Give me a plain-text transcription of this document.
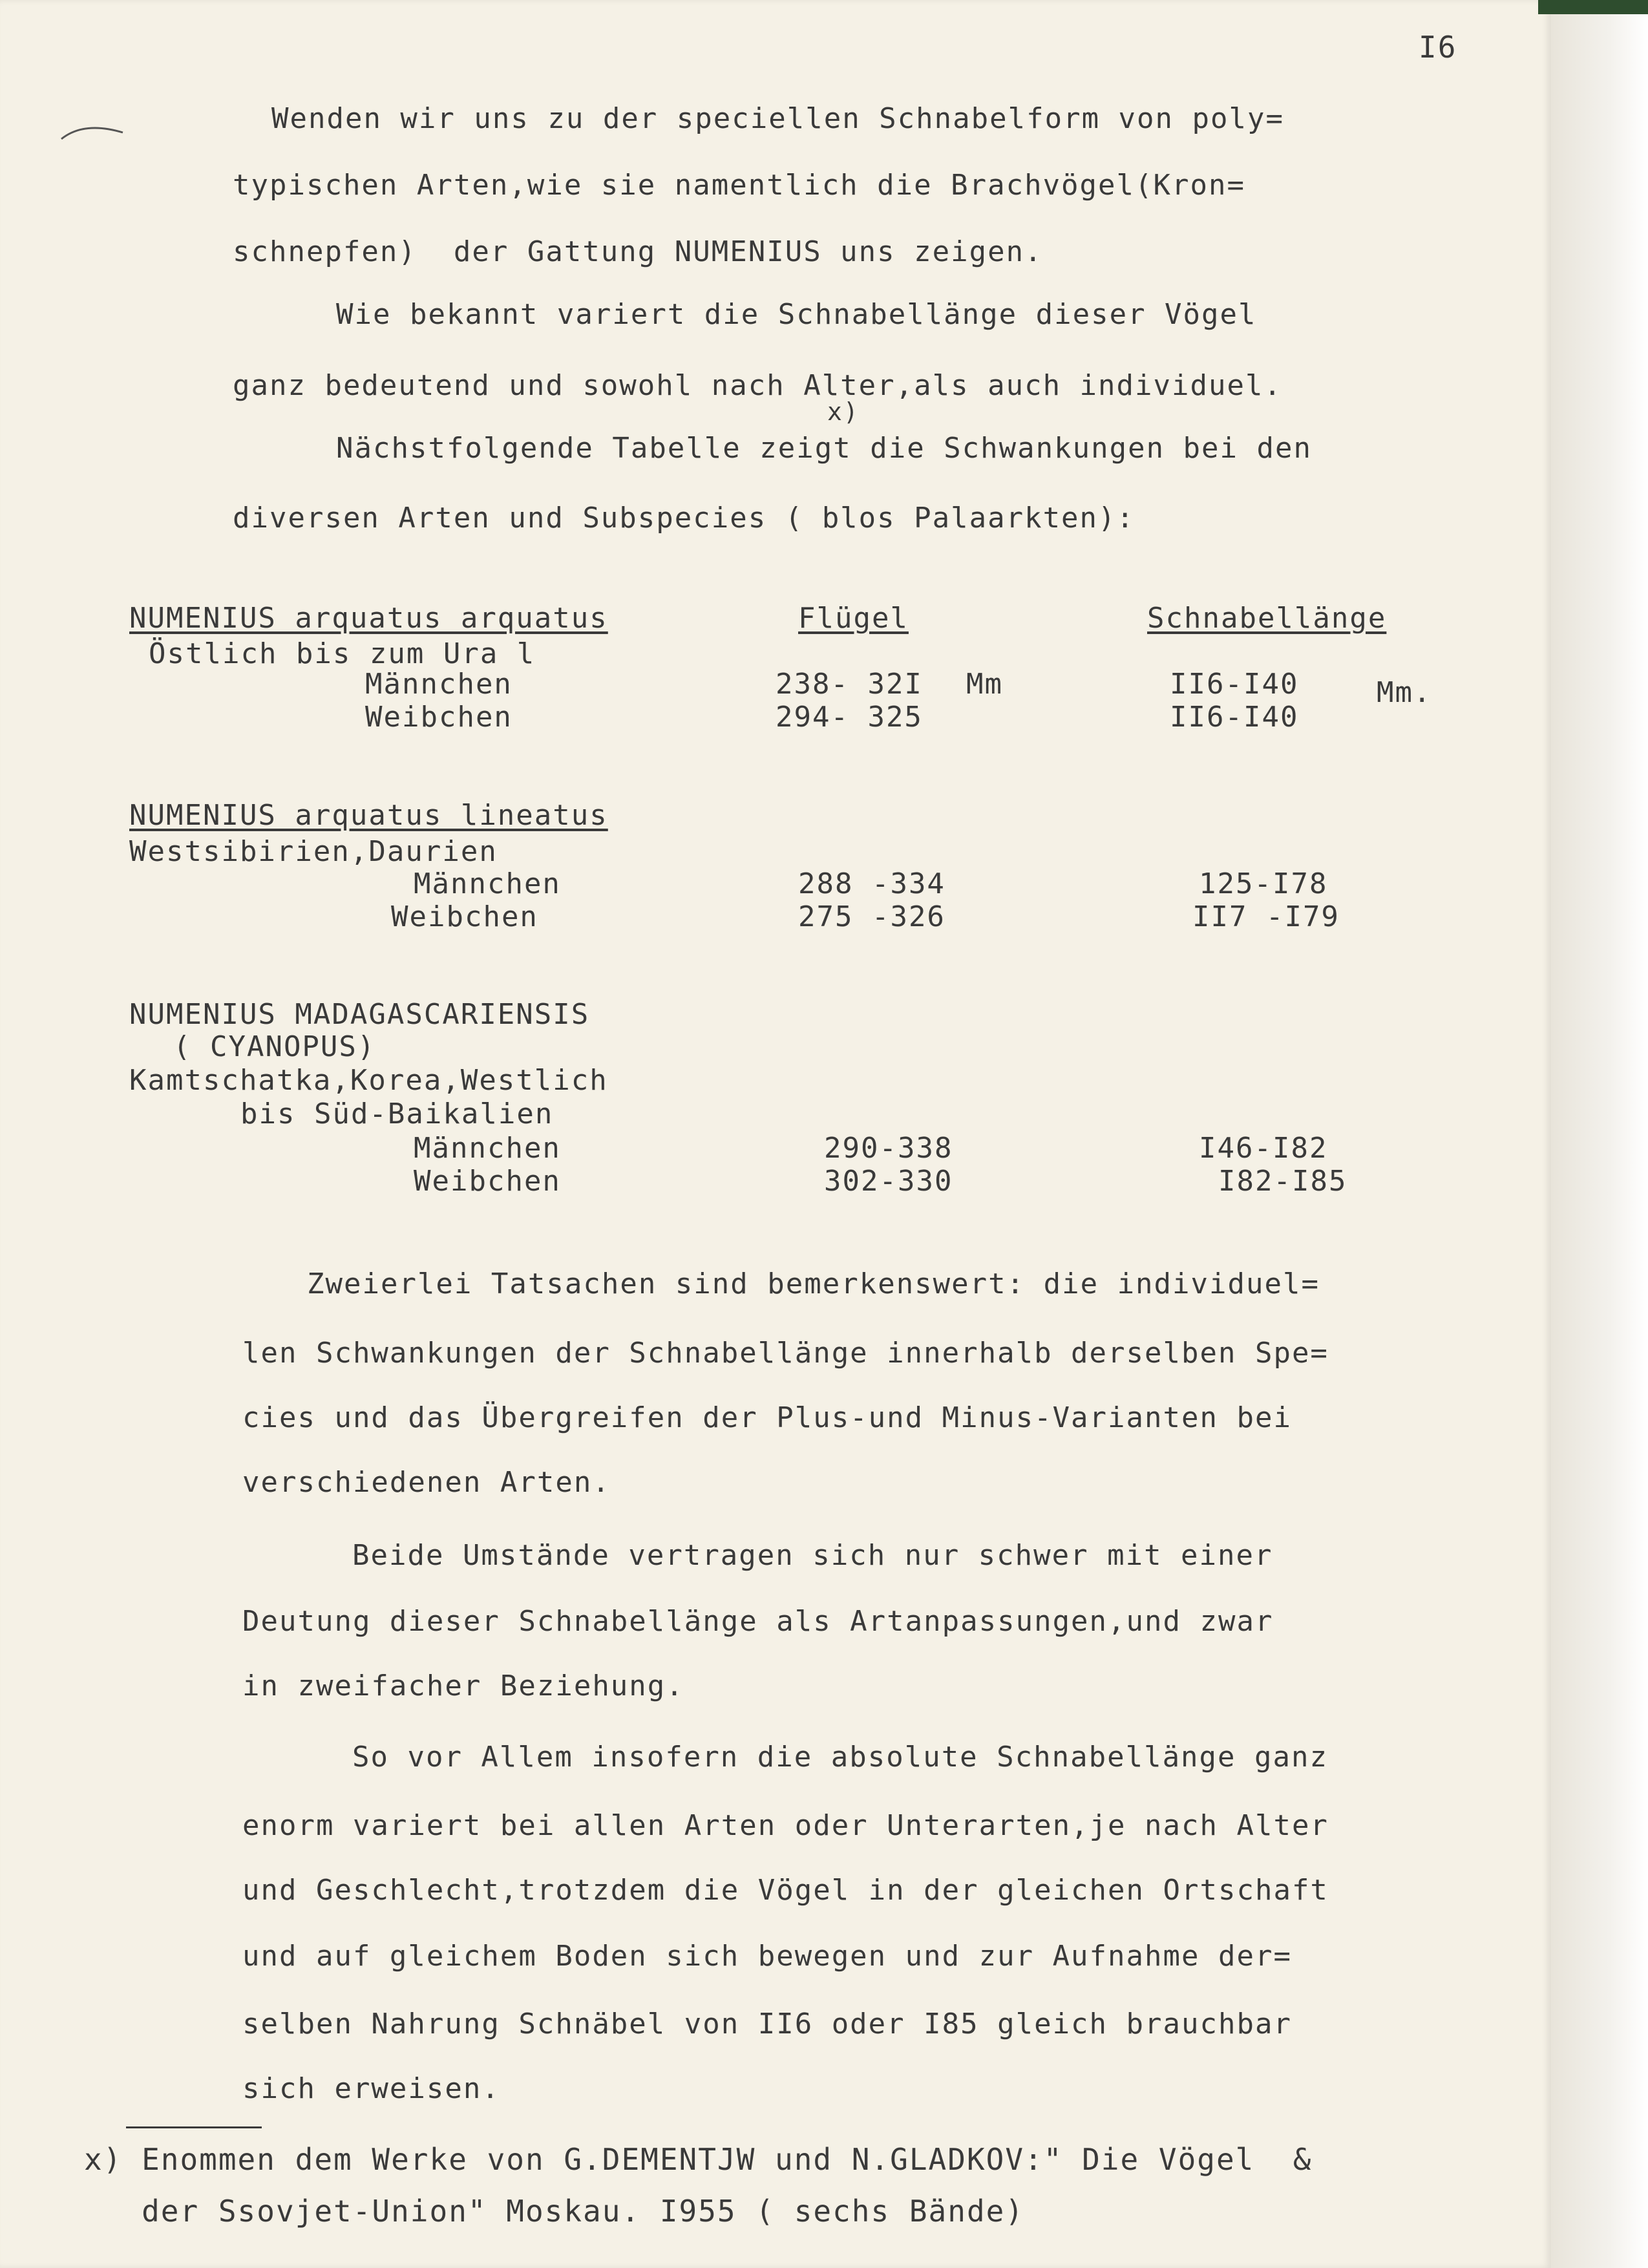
I6
Wenden wir uns zu der speciellen Schnabelform von poly=
typischen Arten,wie sie namentlich die Brachvögel(Kron=
schnepfen)  der Gattung NUMENIUS uns zeigen.
Wie bekannt variert die Schnabellänge dieser Vögel
ganz bedeutend und sowohl nach Alter,als auch individuel.
x)
Nächstfolgende Tabelle zeigt die Schwankungen bei den
diversen Arten und Subspecies ( blos Palaarkten):
NUMENIUS arquatus arquatus	Flügel	Schnabellänge
Östlich bis zum Ura l
Männchen	238- 32I Mm	II6-I40	Mm.
Weibchen	294- 325	II6-I40
NUMENIUS arquatus lineatus
Westsibirien,Daurien
Männchen	288 -334	125-I78
Weibchen	275 -326	II7 -I79
NUMENIUS MADAGASCARIENSIS
( CYANOPUS)
Kamtschatka,Korea,Westlich
bis Süd-Baikalien
Männchen	290-338	I46-I82
Weibchen	302-330	I82-I85
Zweierlei Tatsachen sind bemerkenswert: die individuel=
len Schwankungen der Schnabellänge innerhalb derselben Spe=
cies und das Übergreifen der Plus-und Minus-Varianten bei
verschiedenen Arten.
Beide Umstände vertragen sich nur schwer mit einer
Deutung dieser Schnabellänge als Artanpassungen,und zwar
in zweifacher Beziehung.
So vor Allem insofern die absolute Schnabellänge ganz
enorm variert bei allen Arten oder Unterarten,je nach Alter
und Geschlecht,trotzdem die Vögel in der gleichen Ortschaft
und auf gleichem Boden sich bewegen und zur Aufnahme der=
selben Nahrung Schnäbel von II6 oder I85 gleich brauchbar
sich erweisen.
x) Enommen dem Werke von G.DEMENTJW und N.GLADKOV:" Die Vögel  &
der Ssovjet-Union" Moskau. I955 ( sechs Bände)
